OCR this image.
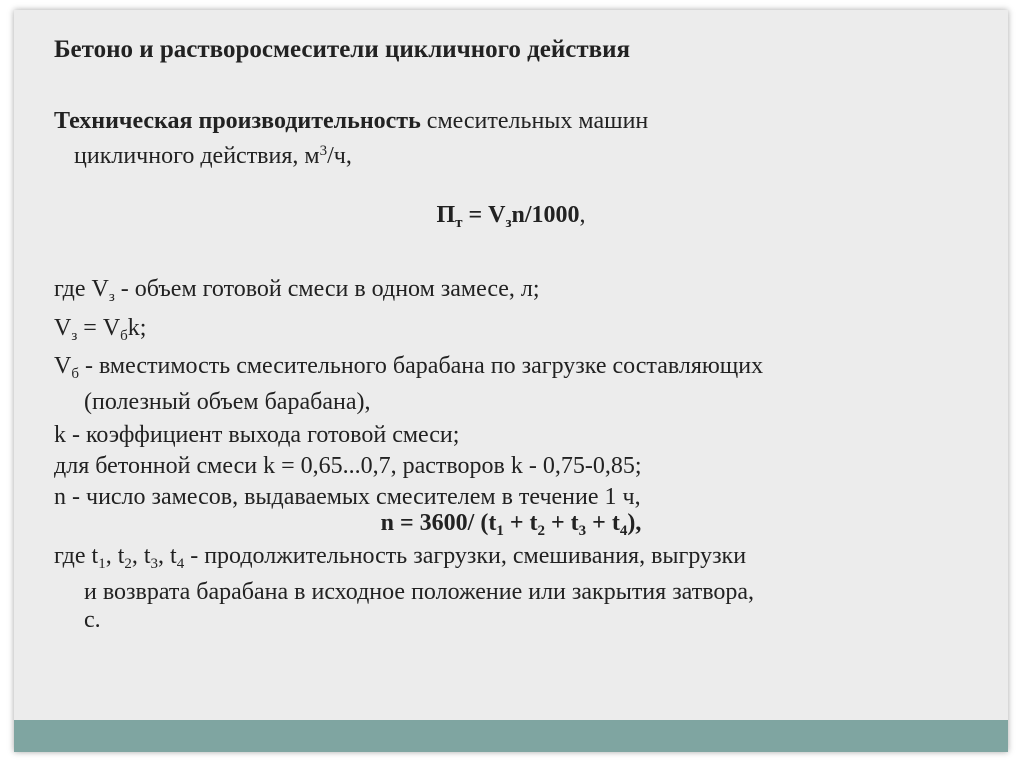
Бетоно и растворосмесители цикличного действия

Техническая производительность смесительных машин
цикличного действия, $м^3/ч$,

$П_т = V_зn/1000$,

где $V_з$ - объем готовой смеси в одном замесе, л;

$V_з = V_бk$;

$V_б$ - вместимость смесительного барабана по загрузке составляющих
(полезный объем барабана),

k - коэффициент выхода готовой смеси;

для бетонной смеси k = 0,65...0,7, растворов k - 0,75-0,85;

n - число замесов, выдаваемых смесителем в течение 1 ч,

n = 3600/ $(t_1 + t_2 + t_3 + t_4)$,

где $t_1$, $t_2$, $t_3$, $t_4$ - продолжительность загрузки, смешивания, выгрузки
и возврата барабана в исходное положение или закрытия затвора,
с.
